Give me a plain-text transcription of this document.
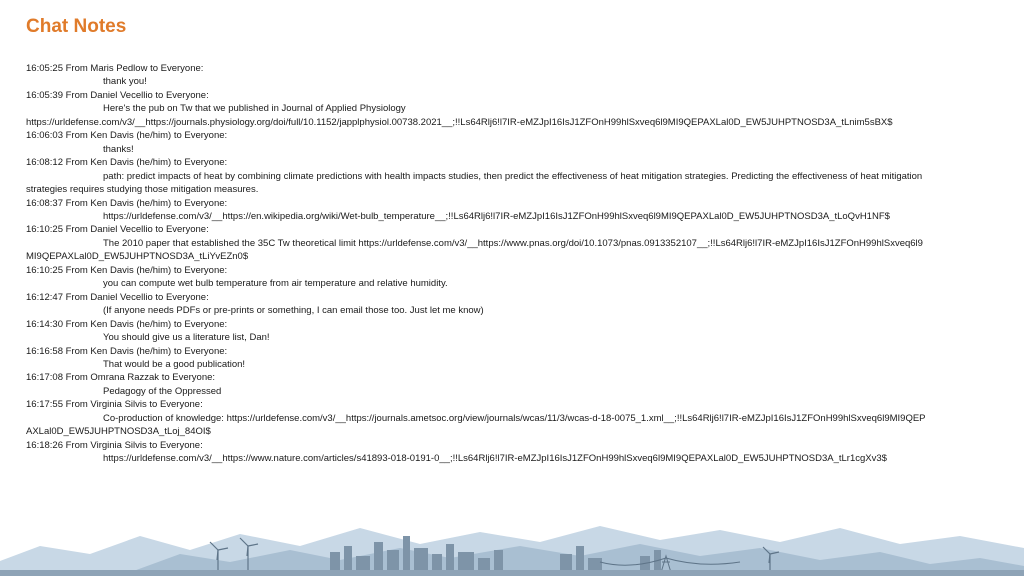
Chat Notes
16:05:25 From Maris Pedlow to Everyone:
thank you!
16:05:39 From Daniel Vecellio to Everyone:
Here's the pub on Tw that we published in Journal of Applied Physiology
https://urldefense.com/v3/__https://journals.physiology.org/doi/full/10.1152/japplphysiol.00738.2021__;!!Ls64Rlj6!l7IR-eMZJpI16IsJ1ZFOnH99hlSxveq6l9MI9QEPAXLal0D_EW5JUHPTNOSD3A_tLnim5sBX$
16:06:03 From Ken Davis (he/him) to Everyone:
thanks!
16:08:12 From Ken Davis (he/him) to Everyone:
path: predict impacts of heat by combining climate predictions with health impacts studies, then predict the effectiveness of heat mitigation strategies. Predicting the effectiveness of heat mitigation strategies requires studying those mitigation measures.
16:08:37 From Ken Davis (he/him) to Everyone:
https://urldefense.com/v3/__https://en.wikipedia.org/wiki/Wet-bulb_temperature__;!!Ls64Rlj6!l7IR-eMZJpI16IsJ1ZFOnH99hlSxveq6l9MI9QEPAXLal0D_EW5JUHPTNOSD3A_tLoQvH1NF$
16:10:25 From Daniel Vecellio to Everyone:
The 2010 paper that established the 35C Tw theoretical limit https://urldefense.com/v3/__https://www.pnas.org/doi/10.1073/pnas.0913352107__;!!Ls64Rlj6!l7IR-eMZJpI16IsJ1ZFOnH99hlSxveq6l9MI9QEPAXLal0D_EW5JUHPTNOSD3A_tLiYvEZn0$
16:10:25 From Ken Davis (he/him) to Everyone:
you can compute wet bulb temperature from air temperature and relative humidity.
16:12:47 From Daniel Vecellio to Everyone:
(If anyone needs PDFs or pre-prints or something, I can email those too. Just let me know)
16:14:30 From Ken Davis (he/him) to Everyone:
You should give us a literature list, Dan!
16:16:58 From Ken Davis (he/him) to Everyone:
That would be a good publication!
16:17:08 From Omrana Razzak to Everyone:
Pedagogy of the Oppressed
16:17:55 From Virginia Silvis to Everyone:
Co-production of knowledge: https://urldefense.com/v3/__https://journals.ametsoc.org/view/journals/wcas/11/3/wcas-d-18-0075_1.xml__;!!Ls64Rlj6!l7IR-eMZJpI16IsJ1ZFOnH99hlSxveq6l9MI9QEPAXLal0D_EW5JUHPTNOSD3A_tLoj_84OI$
16:18:26 From Virginia Silvis to Everyone:
https://urldefense.com/v3/__https://www.nature.com/articles/s41893-018-0191-0__;!!Ls64Rlj6!l7IR-eMZJpI16IsJ1ZFOnH99hlSxveq6l9MI9QEPAXLal0D_EW5JUHPTNOSD3A_tLr1cgXv3$
